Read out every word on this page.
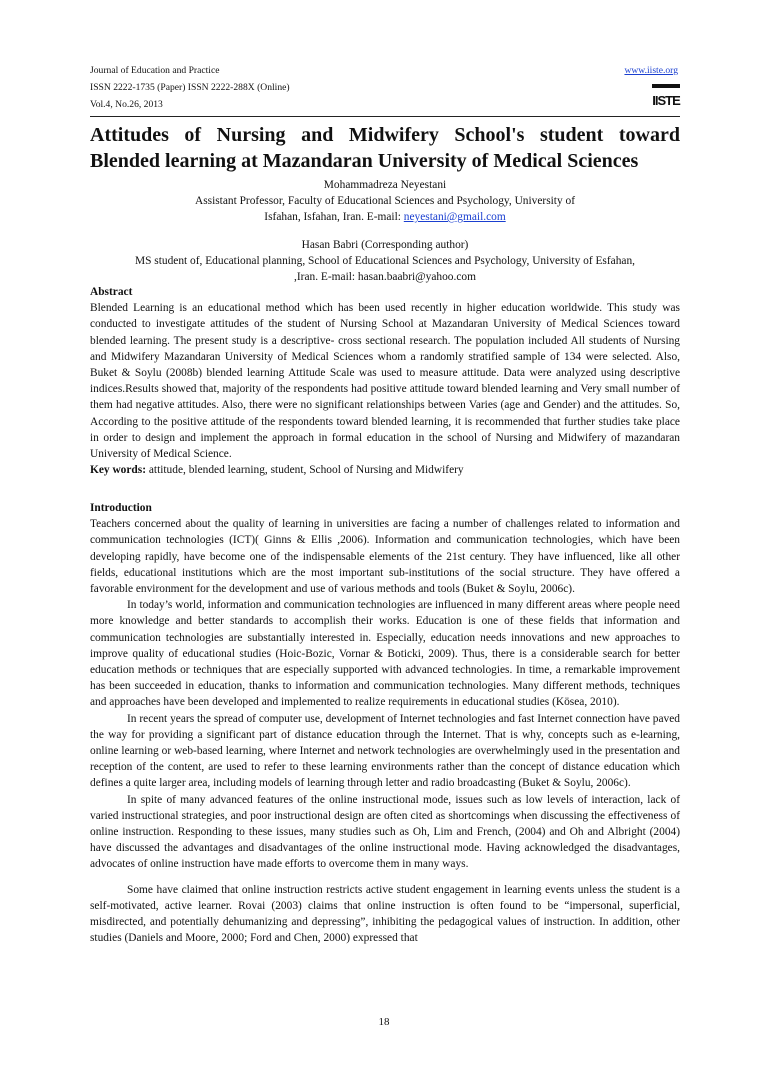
Journal of Education and Practice
ISSN 2222-1735 (Paper) ISSN 2222-288X (Online)
Vol.4, No.26, 2013
www.iiste.org
IISTE
Attitudes of Nursing and Midwifery School's student toward
Blended learning at Mazandaran University of Medical Sciences
Mohammadreza Neyestani
Assistant Professor, Faculty of Educational Sciences and Psychology, University of
Isfahan, Isfahan, Iran. E-mail: neyestani@gmail.com
Hasan Babri (Corresponding author)
MS student of, Educational planning, School of Educational Sciences and Psychology, University of Esfahan,
,Iran. E-mail: hasan.baabri@yahoo.com
Abstract

Blended Learning is an educational method which has been used recently in higher education worldwide. This study was conducted to investigate attitudes of the student of Nursing School at Mazandaran University of Medical Sciences toward blended learning. The present study is a descriptive- cross sectional research. The population included All students of Nursing and Midwifery Mazandaran University of Medical Sciences whom a randomly stratified sample of 134 were selected. Also, Buket & Soylu (2008b) blended learning Attitude Scale was used to measure attitude. Data were analyzed using descriptive indices.Results showed that, majority of the respondents had positive attitude toward blended learning and Very small number of them had negative attitudes. Also, there were no significant relationships between Varies (age and Gender) and the attitudes. So, According to the positive attitude of the respondents toward blended learning, it is recommended that further studies take place in order to design and implement the approach in formal education in the school of Nursing and Midwifery of mazandaran University of Medical Science.

Key words: attitude, blended learning, student, School of Nursing and Midwifery
Introduction

Teachers concerned about the quality of learning in universities are facing a number of challenges related to information and communication technologies (ICT)( Ginns & Ellis ,2006). Information and communication technologies, which have been developing rapidly, have become one of the indispensable elements of the 21st century. They have influenced, like all other fields, educational institutions which are the most important sub-institutions of the social structure. They have offered a favorable environment for the development and use of various methods and tools (Buket & Soylu, 2006c).

In today’s world, information and communication technologies are influenced in many different areas where people need more knowledge and better standards to accomplish their works. Education is one of these fields that information and communication technologies are substantially interested in. Especially, education needs innovations and new approaches to improve quality of educational studies (Hoic-Bozic, Vornar & Boticki, 2009). Thus, there is a considerable search for better education methods or techniques that are especially supported with advanced technologies. In time, a remarkable improvement has been succeeded in education, thanks to information and communication technologies. Many different methods, techniques and approaches have been developed and implemented to realize requirements in educational studies (Kösea, 2010).

In recent years the spread of computer use, development of Internet technologies and fast Internet connection have paved the way for providing a significant part of distance education through the Internet. That is why, concepts such as e-learning, online learning or web-based learning, where Internet and network technologies are overwhelmingly used in the presentation and reception of the content, are used to refer to these learning environments rather than the concept of distance education which defines a quite larger area, including models of learning through letter and radio broadcasting (Buket & Soylu, 2006c).

In spite of many advanced features of the online instructional mode, issues such as low levels of interaction, lack of varied instructional strategies, and poor instructional design are often cited as shortcomings when discussing the effectiveness of online instruction. Responding to these issues, many studies such as Oh, Lim and French, (2004) and Oh and Albright (2004) have discussed the advantages and disadvantages of the online instructional mode. Having acknowledged the disadvantages, advocates of online instruction have made efforts to overcome them in many ways.

Some have claimed that online instruction restricts active student engagement in learning events unless the student is a self-motivated, active learner. Rovai (2003) claims that online instruction is often found to be “impersonal, superficial, misdirected, and potentially dehumanizing and depressing”, inhibiting the pedagogical values of instruction. In addition, other studies (Daniels and Moore, 2000; Ford and Chen, 2000) expressed that

18
